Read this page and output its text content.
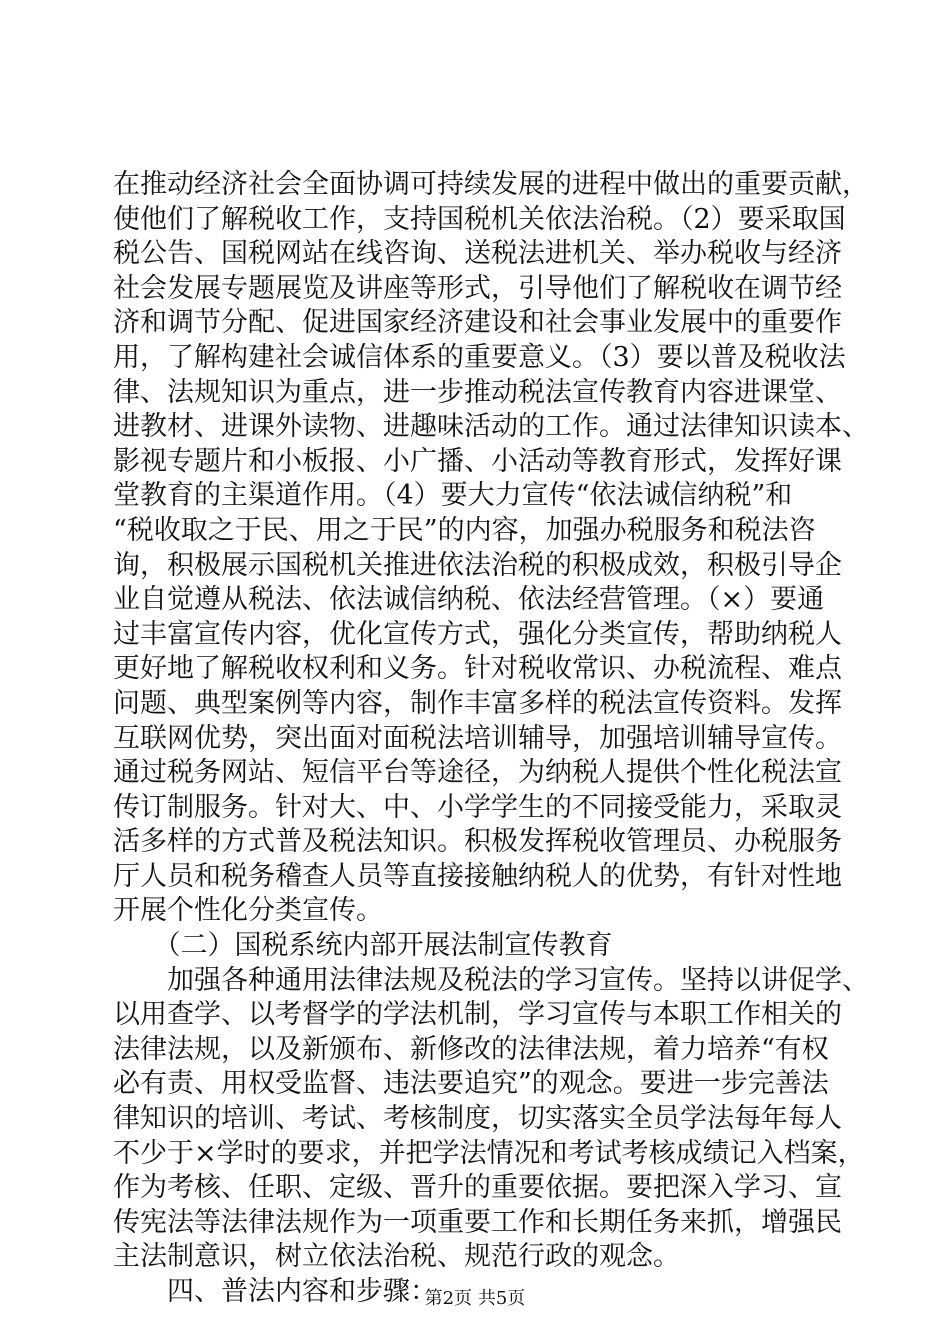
在推动经济社会全面协调可持续发展的进程中做出的重要贡献，
使他们了解税收工作，支持国税机关依法治税。（2）要采取国
税公告、国税网站在线咨询、送税法进机关、举办税收与经济
社会发展专题展览及讲座等形式，引导他们了解税收在调节经
济和调节分配、促进国家经济建设和社会事业发展中的重要作
用，了解构建社会诚信体系的重要意义。（3）要以普及税收法
律、法规知识为重点，进一步推动税法宣传教育内容进课堂、
进教材、进课外读物、进趣味活动的工作。通过法律知识读本、
影视专题片和小板报、小广播、小活动等教育形式，发挥好课
堂教育的主渠道作用。（4）要大力宣传“依法诚信纳税”和
“税收取之于民、用之于民”的内容，加强办税服务和税法咨
询，积极展示国税机关推进依法治税的积极成效，积极引导企
业自觉遵从税法、依法诚信纳税、依法经营管理。（×）要通
过丰富宣传内容，优化宣传方式，强化分类宣传，帮助纳税人
更好地了解税收权利和义务。针对税收常识、办税流程、难点
问题、典型案例等内容，制作丰富多样的税法宣传资料。发挥
互联网优势，突出面对面税法培训辅导，加强培训辅导宣传。
通过税务网站、短信平台等途径，为纳税人提供个性化税法宣
传订制服务。针对大、中、小学学生的不同接受能力，采取灵
活多样的方式普及税法知识。积极发挥税收管理员、办税服务
厅人员和税务稽查人员等直接接触纳税人的优势，有针对性地
开展个性化分类宣传。
　　（二）国税系统内部开展法制宣传教育
　　加强各种通用法律法规及税法的学习宣传。坚持以讲促学、
以用查学、以考督学的学法机制，学习宣传与本职工作相关的
法律法规，以及新颁布、新修改的法律法规，着力培养“有权
必有责、用权受监督、违法要追究”的观念。要进一步完善法
律知识的培训、考试、考核制度，切实落实全员学法每年每人
不少于×学时的要求，并把学法情况和考试考核成绩记入档案，
作为考核、任职、定级、晋升的重要依据。要把深入学习、宣
传宪法等法律法规作为一项重要工作和长期任务来抓，增强民
主法制意识，树立依法治税、规范行政的观念。
　　四、普法内容和步骤：
第2页 共5页
